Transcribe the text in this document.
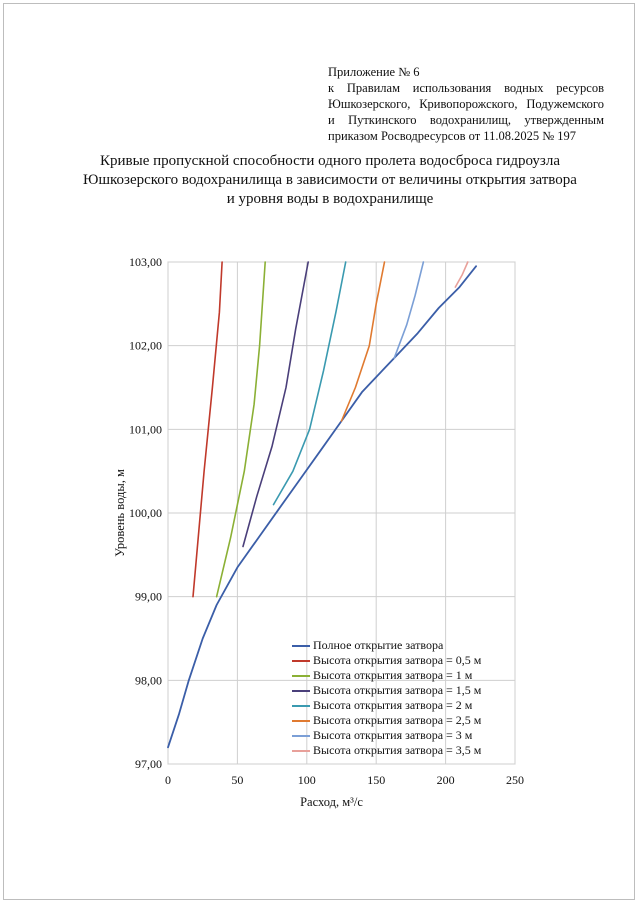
Приложение № 6
к Правилам использования водных ресурсов
Юшкозерского, Кривопорожского, Подужемского
и Путкинского водохранилищ, утвержденным
приказом Росводресурсов от 11.08.2025 № 197
Кривые пропускной способности одного пролета водосброса гидроузла
Юшкозерского водохранилища в зависимости от величины открытия затвора
и уровня воды в водохранилище
0	50	100	150	200	250
97,00
98,00
99,00
100,00
101,00
102,00
103,00
Расход, м³/с
Уровень воды, м
Полное открытие затвора
Высота открытия затвора = 0,5 м
Высота открытия затвора = 1 м
Высота открытия затвора = 1,5 м
Высота открытия затвора = 2 м
Высота открытия затвора = 2,5 м
Высота открытия затвора = 3 м
Высота открытия затвора = 3,5 м
